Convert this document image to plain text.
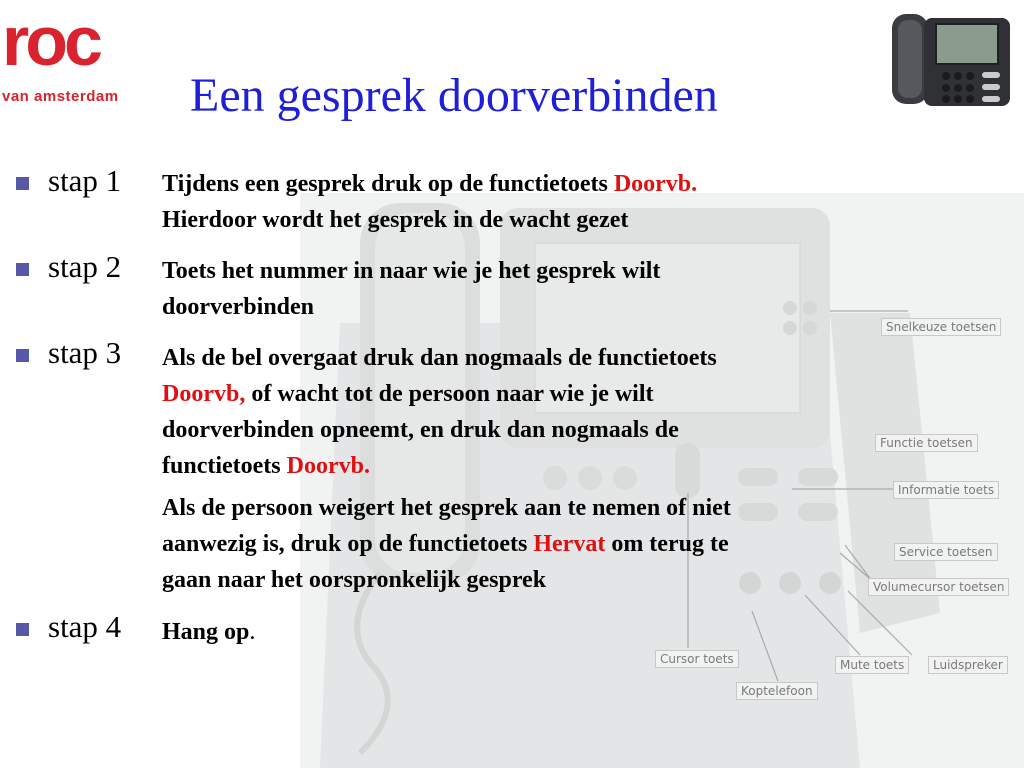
roc
van amsterdam	Een gesprek doorverbinden
stap 1 Tijdens een gesprek druk op de functietoets Doorvb.
Hierdoor wordt het gesprek in de wacht gezet
stap 2 Toets het nummer in naar wie je het gesprek wilt
doorverbinden
stap 3 Als de bel overgaat druk dan nogmaals de functietoets
Doorvb, of wacht tot de persoon naar wie je wilt
doorverbinden opneemt, en druk dan nogmaals de
functietoets Doorvb.
Als de persoon weigert het gesprek aan te nemen of niet
aanwezig is, druk op de functietoets Hervat om terug te
gaan naar het oorspronkelijk gesprek
stap 4 Hang op.
Snelkeuze toetsen
Functie toetsen
Informatie toets
Service toetsen
Volumecursor toetsen
Cursor toets	Mute toets	Luidspreker
Koptelefoon
